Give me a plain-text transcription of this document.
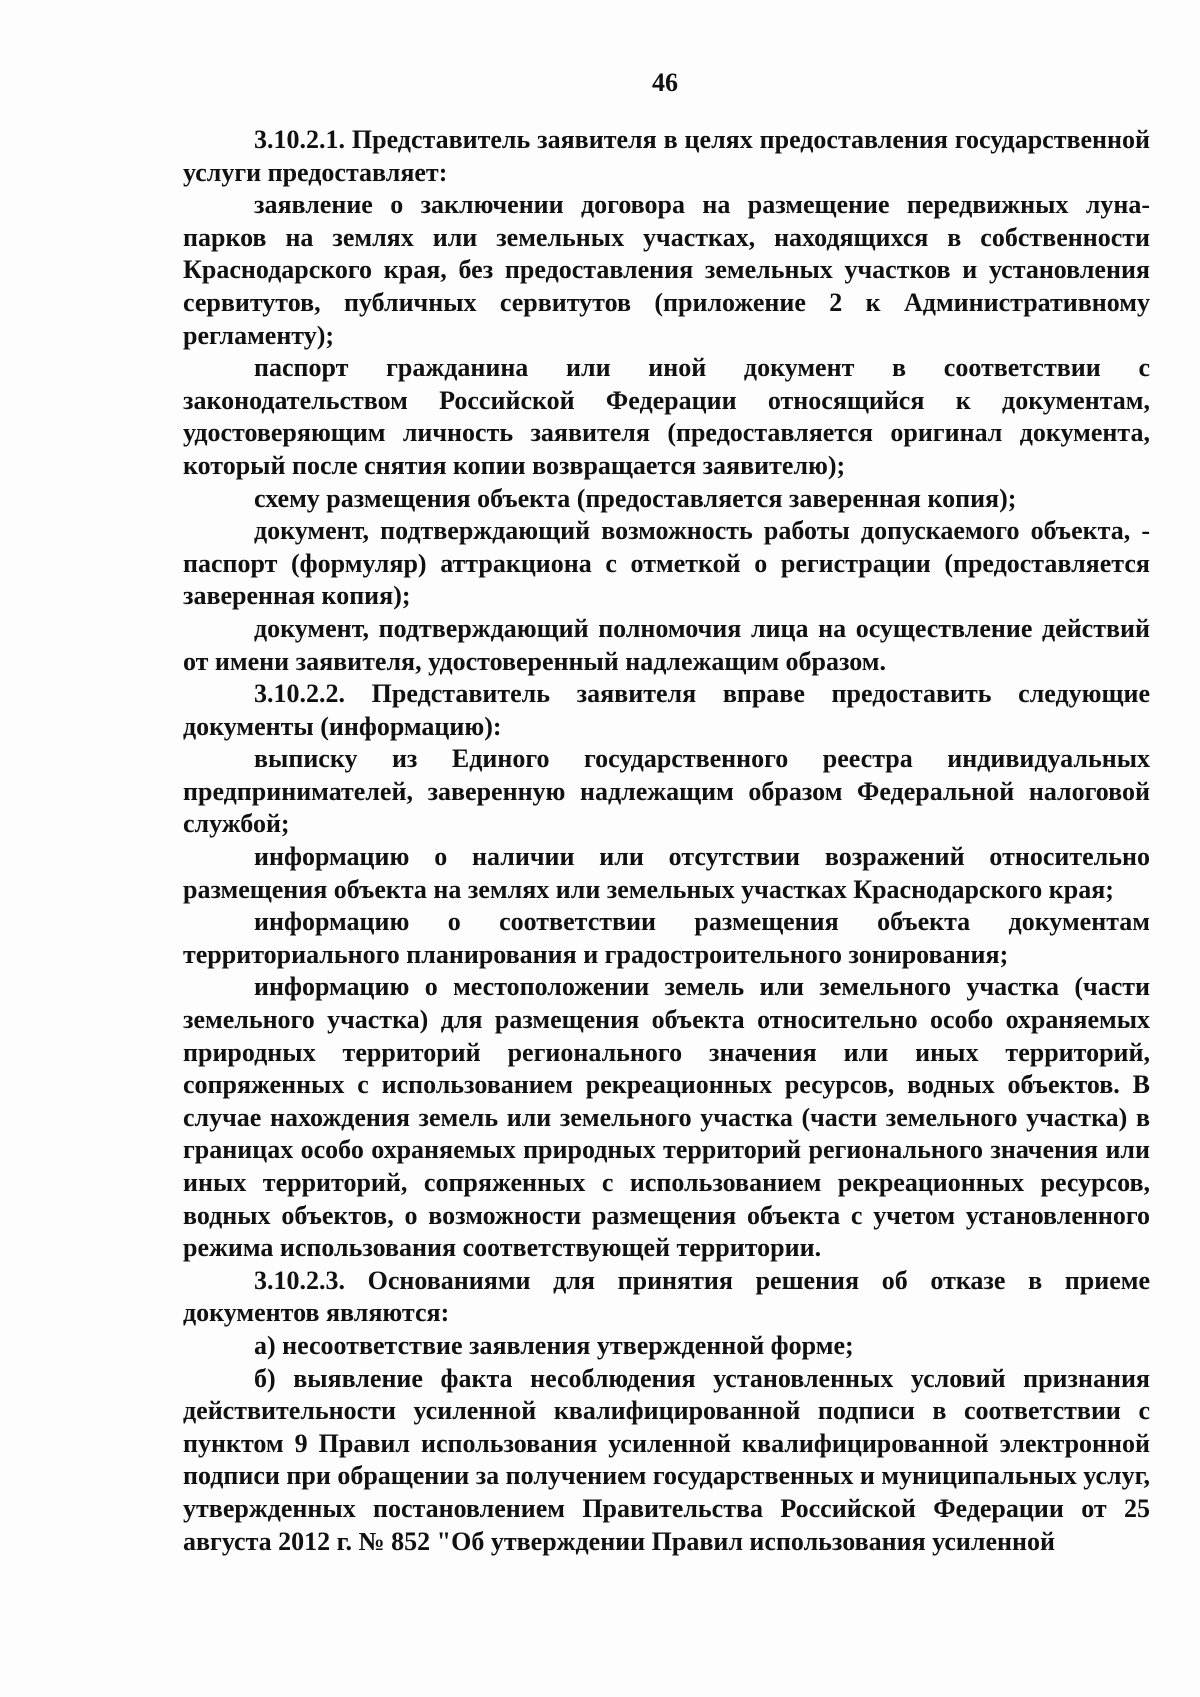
46

3.10.2.1. Представитель заявителя в целях предоставления государственной услуги предоставляет:

заявление о заключении договора на размещение передвижных луна-парков на землях или земельных участках, находящихся в собственности Краснодарского края, без предоставления земельных участков и установления сервитутов, публичных сервитутов (приложение 2 к Административному регламенту);

паспорт гражданина или иной документ в соответствии с законодательством Российской Федерации относящийся к документам, удостоверяющим личность заявителя (предоставляется оригинал документа, который после снятия копии возвращается заявителю);

схему размещения объекта (предоставляется заверенная копия);

документ, подтверждающий возможность работы допускаемого объекта, - паспорт (формуляр) аттракциона с отметкой о регистрации (предоставляется заверенная копия);

документ, подтверждающий полномочия лица на осуществление действий от имени заявителя, удостоверенный надлежащим образом.

3.10.2.2. Представитель заявителя вправе предоставить следующие документы (информацию):

выписку из Единого государственного реестра индивидуальных предпринимателей, заверенную надлежащим образом Федеральной налоговой службой;

информацию о наличии или отсутствии возражений относительно размещения объекта на землях или земельных участках Краснодарского края;

информацию о соответствии размещения объекта документам территориального планирования и градостроительного зонирования;

информацию о местоположении земель или земельного участка (части земельного участка) для размещения объекта относительно особо охраняемых природных территорий регионального значения или иных территорий, сопряженных с использованием рекреационных ресурсов, водных объектов. В случае нахождения земель или земельного участка (части земельного участка) в границах особо охраняемых природных территорий регионального значения или иных территорий, сопряженных с использованием рекреационных ресурсов, водных объектов, о возможности размещения объекта с учетом установленного режима использования соответствующей территории.

3.10.2.3. Основаниями для принятия решения об отказе в приеме документов являются:

а) несоответствие заявления утвержденной форме;

б) выявление факта несоблюдения установленных условий признания действительности усиленной квалифицированной подписи в соответствии с пунктом 9 Правил использования усиленной квалифицированной электронной подписи при обращении за получением государственных и муниципальных услуг, утвержденных постановлением Правительства Российской Федерации от 25 августа 2012 г. № 852 "Об утверждении Правил использования усиленной
